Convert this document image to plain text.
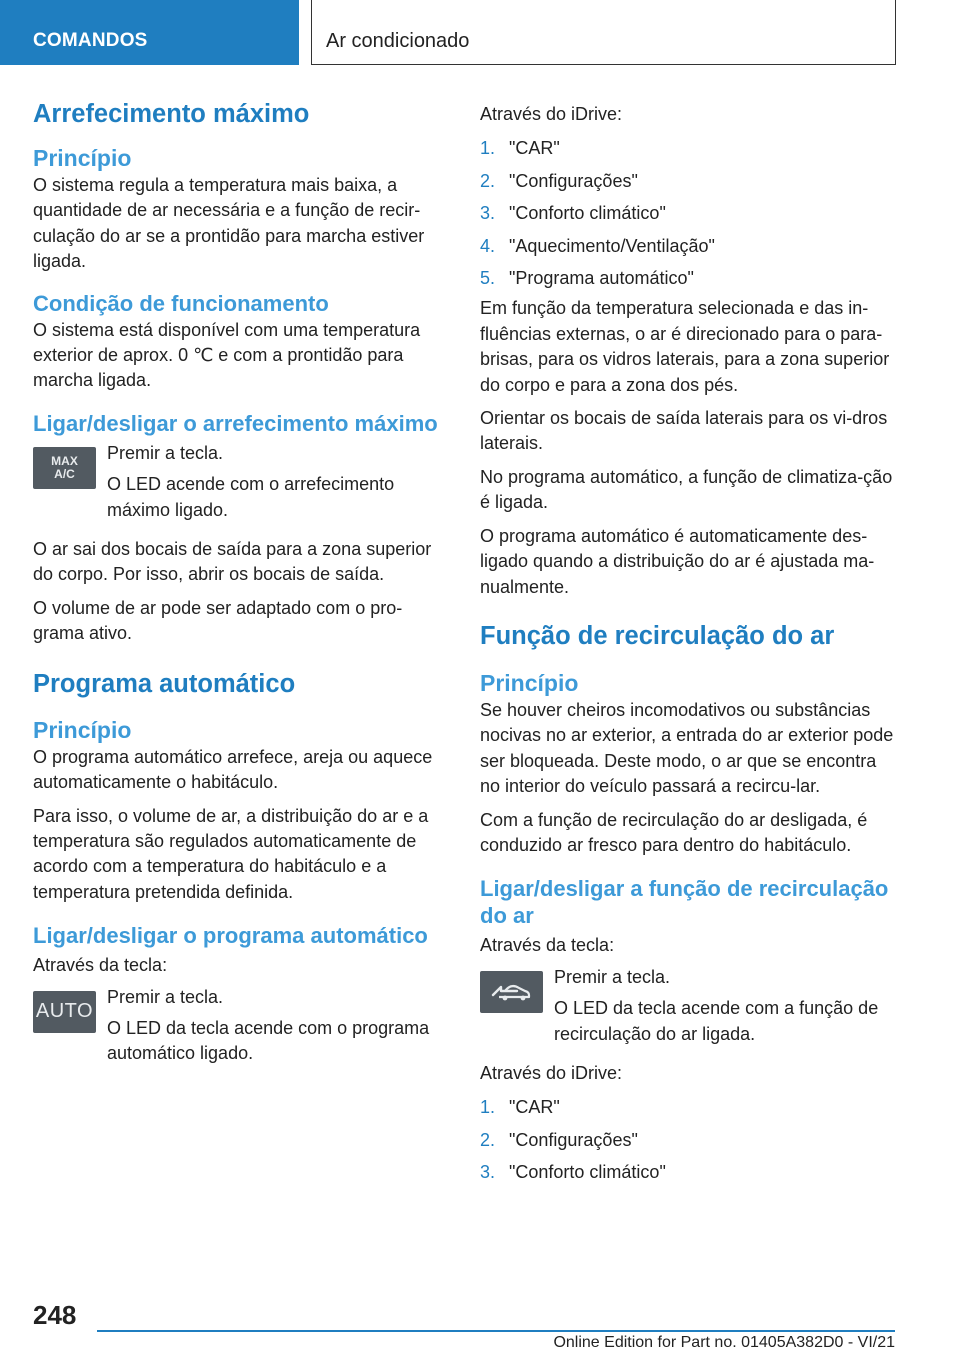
COMANDOS	Ar condicionado
Arrefecimento máximo
Princípio
O sistema regula a temperatura mais baixa, a quantidade de ar necessária e a função de recir-culação do ar se a prontidão para marcha estiver ligada.
Condição de funcionamento
O sistema está disponível com uma temperatura exterior de aprox. 0 ℃ e com a prontidão para marcha ligada.
Ligar/desligar o arrefecimento máximo
MAX
A/C
Premir a tecla.
O LED acende com o arrefecimento máximo ligado.
O ar sai dos bocais de saída para a zona superior do corpo. Por isso, abrir os bocais de saída.
O volume de ar pode ser adaptado com o pro-grama ativo.
Programa automático
Princípio
O programa automático arrefece, areja ou aquece automaticamente o habitáculo.
Para isso, o volume de ar, a distribuição do ar e a temperatura são regulados automaticamente de acordo com a temperatura do habitáculo e a temperatura pretendida definida.
Ligar/desligar o programa automático
Através da tecla:
AUTO
Premir a tecla.
O LED da tecla acende com o programa automático ligado.
Através do iDrive:
1. "CAR"
2. "Configurações"
3. "Conforto climático"
4. "Aquecimento/Ventilação"
5. "Programa automático"
Em função da temperatura selecionada e das in-fluências externas, o ar é direcionado para o para-brisas, para os vidros laterais, para a zona superior do corpo e para a zona dos pés.
Orientar os bocais de saída laterais para os vi-dros laterais.
No programa automático, a função de climatiza-ção é ligada.
O programa automático é automaticamente des-ligado quando a distribuição do ar é ajustada ma-nualmente.
Função de recirculação do ar
Princípio
Se houver cheiros incomodativos ou substâncias nocivas no ar exterior, a entrada do ar exterior pode ser bloqueada. Deste modo, o ar que se encontra no interior do veículo passará a recircu-lar.
Com a função de recirculação do ar desligada, é conduzido ar fresco para dentro do habitáculo.
Ligar/desligar a função de recirculação do ar
Através da tecla:
Premir a tecla.
O LED da tecla acende com a função de recirculação do ar ligada.
Através do iDrive:
1. "CAR"
2. "Configurações"
3. "Conforto climático"
248
Online Edition for Part no. 01405A382D0 - VI/21
